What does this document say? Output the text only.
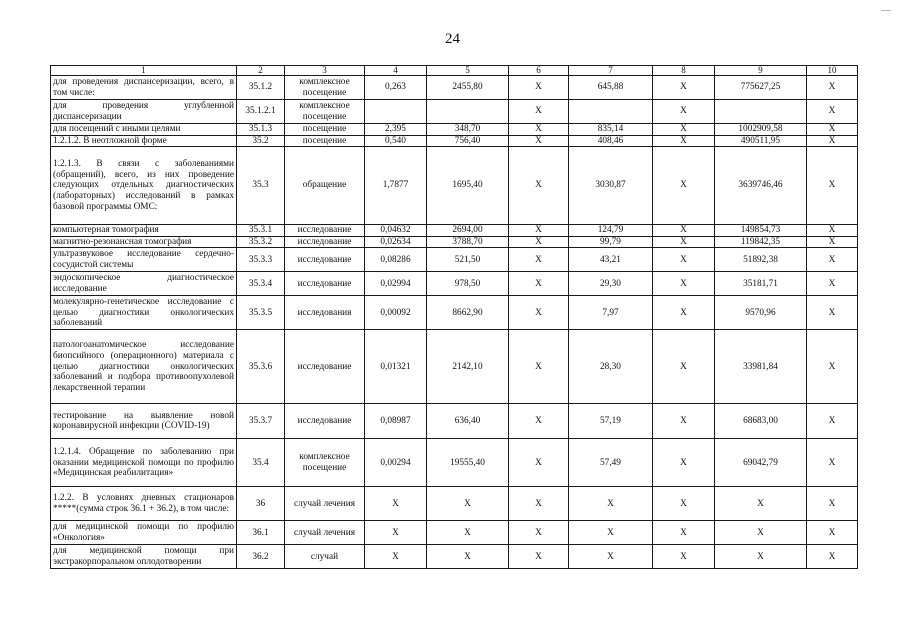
24
1	2	3	4	5	6	7	8	9	10
для проведения диспансеризации, всего, в том числе:	35.1.2	комплексное посещение	0,263	2455,80	Х	645,88	Х	775627,25	Х
для проведения углубленной диспансеризации	35.1.2.1	комплексное посещение			Х		Х		Х
для посещений с иными целями	35.1.3	посещение	2,395	348,70	Х	835,14	Х	1002909,58	Х
1.2.1.2. В неотложной форме	35.2	посещение	0,540	756,40	Х	408,46	Х	490511,95	Х
1.2.1.3. В связи с заболеваниями (обращений), всего, из них проведение следующих отдельных диагностических (лабораторных) исследований в рамках базовой программы ОМС:	35.3	обращение	1,7877	1695,40	Х	3030,87	Х	3639746,46	Х
компьютерная томография	35.3.1	исследование	0,04632	2694,00	Х	124,79	Х	149854,73	Х
магнитно-резонансная томография	35.3.2	исследование	0,02634	3788,70	Х	99,79	Х	119842,35	Х
ультразвуковое исследование сердечно-сосудистой системы	35.3.3	исследование	0,08286	521,50	Х	43,21	Х	51892,38	Х
эндоскопическое диагностическое исследование	35.3.4	исследование	0,02994	978,50	Х	29,30	Х	35181,71	Х
молекулярно-генетическое исследование с целью диагностики онкологических заболеваний	35.3.5	исследования	0,00092	8662,90	Х	7,97	Х	9570,96	Х
патологоанатомическое исследование биопсийного (операционного) материала с целью диагностики онкологических заболеваний и подбора противоопухолевой лекарственной терапии	35.3.6	исследование	0,01321	2142,10	Х	28,30	Х	33981,84	Х
тестирование на выявление новой коронавирусной инфекции (COVID-19)	35.3.7	исследование	0,08987	636,40	Х	57,19	Х	68683,00	Х
1.2.1.4. Обращение по заболеванию при оказании медицинской помощи по профилю «Медицинская реабилитация»	35.4	комплексное посещение	0,00294	19555,40	Х	57,49	Х	69042,79	Х
1.2.2. В условиях дневных стационаров *****(сумма строк 36.1 + 36.2), в том числе:	36	случай лечения	Х	Х	Х	Х	Х	Х	Х
для медицинской помощи по профилю «Онкология»	36.1	случай лечения	Х	Х	Х	Х	Х	Х	Х
для медицинской помощи при экстракорпоральном оплодотворении	36.2	случай	Х	Х	Х	Х	Х	Х	Х
